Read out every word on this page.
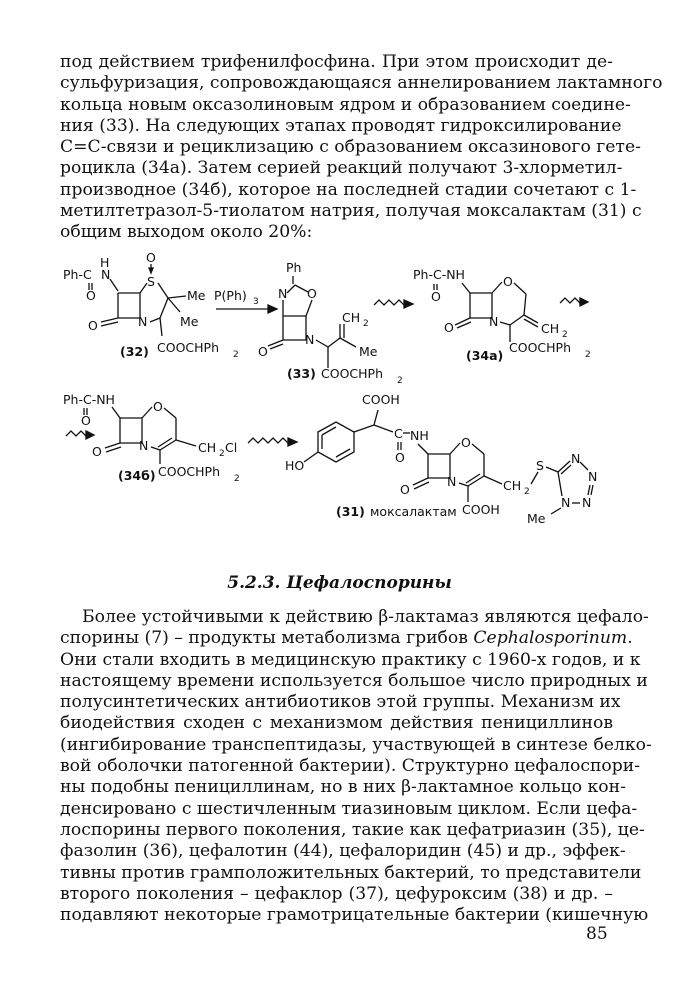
под действием трифенилфосфина. При этом происходит де-
сульфуризация, сопровождающаяся аннелированием лактамного
кольца новым оксазолиновым ядром и образованием соедине-
ния (33). На следующих этапах проводят гидроксилирование
C=C-связи и рециклизацию с образованием оксазинового гете-
роцикла (34а). Затем серией реакций получают 3-хлорметил-
производное (34б), которое на последней стадии сочетают с 1-
метилтетразол-5-тиолатом натрия, получая моксалактам (31) с
общим выходом около 20%:
Ph-C
H
N
O
O	N
S
Me
Me
O
(32) COOCHPh 2
P(Ph) 3
Ph
N O
O
N
CH 2
Me
(33) COOCHPh 2
Ph-C-NH
O
O	N
O
CH 2
COOCHPh 2
(34a)
Ph-C-NH
O
O	N
O
CH 2 Cl
(34б) COOCHPh 2
HO
COOH
C
O
NH
O
N
O
COOH
CH 2
S N
N
N
N
Me
(31) моксалактам
5.2.3. Цефалоспорины
Более устойчивыми к действию β-лактамаз являются цефало-
спорины (7) – продукты метаболизма грибов Cephalosporinum.
Они стали входить в медицинскую практику с 1960-х годов, и к
настоящему времени используется большое число природных и
полусинтетических антибиотиков этой группы. Механизм их
биодействия сходен с механизмом действия пенициллинов
(ингибирование транспептидазы, участвующей в синтезе белко-
вой оболочки патогенной бактерии). Структурно цефалоспори-
ны подобны пенициллинам, но в них β-лактамное кольцо кон-
денсировано с шестичленным тиазиновым циклом. Если цефа-
лоспорины первого поколения, такие как цефатриазин (35), це-
фазолин (36), цефалотин (44), цефалоридин (45) и др., эффек-
тивны против грамположительных бактерий, то представители
второго поколения – цефаклор (37), цефуроксим (38) и др. –
подавляют некоторые грамотрицательные бактерии (кишечную
85
